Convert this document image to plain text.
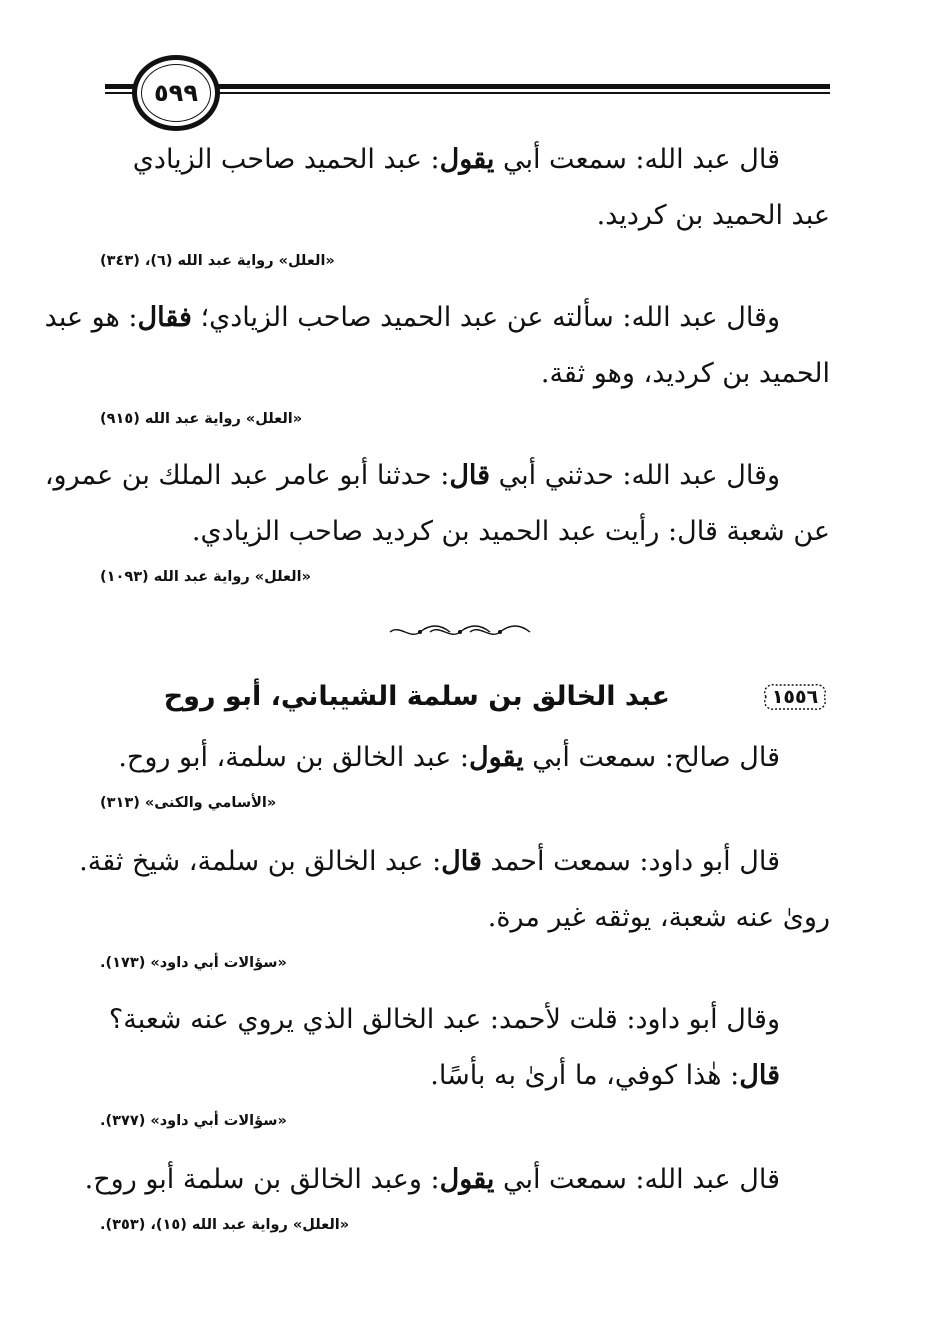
٥٩٩
قال عبد الله: سمعت أبي يقول: عبد الحميد صاحب الزيادي
عبد الحميد بن كرديد.
«العلل» رواية عبد الله (٦)، (٣٤٣)
وقال عبد الله: سألته عن عبد الحميد صاحب الزيادي؛ فقال: هو عبد
الحميد بن كرديد، وهو ثقة.
«العلل» رواية عبد الله (٩١٥)
وقال عبد الله: حدثني أبي قال: حدثنا أبو عامر عبد الملك بن عمرو،
عن شعبة قال: رأيت عبد الحميد بن كرديد صاحب الزيادي.
«العلل» رواية عبد الله (١٠٩٣)
١٥٥٦
عبد الخالق بن سلمة الشيباني، أبو روح
قال صالح: سمعت أبي يقول: عبد الخالق بن سلمة، أبو روح.
«الأسامي والكنى» (٣١٣)
قال أبو داود: سمعت أحمد قال: عبد الخالق بن سلمة، شيخ ثقة.
روىٰ عنه شعبة، يوثقه غير مرة.
«سؤالات أبي داود» (١٧٣).
وقال أبو داود: قلت لأحمد: عبد الخالق الذي يروي عنه شعبة؟
قال: هٰذا كوفي، ما أرىٰ به بأسًا.
«سؤالات أبي داود» (٣٧٧).
قال عبد الله: سمعت أبي يقول: وعبد الخالق بن سلمة أبو روح.
«العلل» رواية عبد الله (١٥)، (٣٥٣).
